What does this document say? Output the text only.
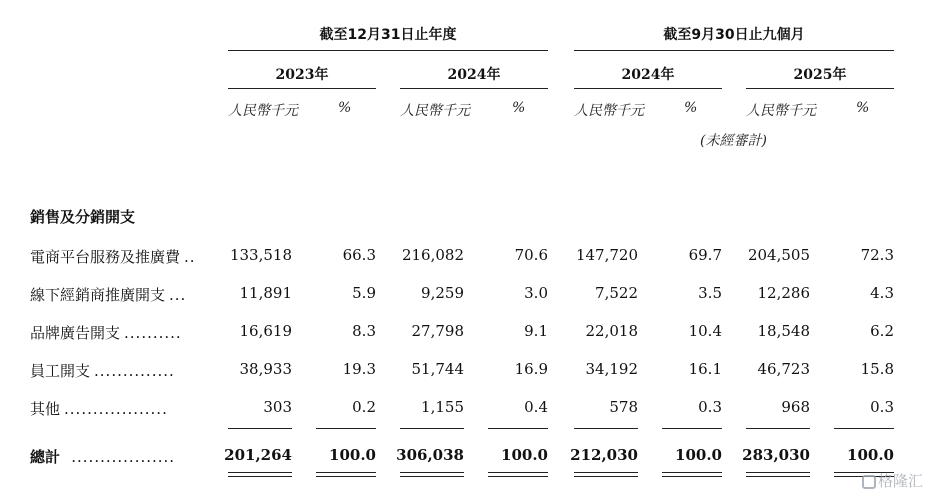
截至12月31日止年度	截至9月30日止九個月
2023年	2024年	2024年	2025年
人民幣千元	%	人民幣千元	%	人民幣千元	%	人民幣千元	%
(未經審計)
銷售及分銷開支
電商平台服務及推廣費 ..	133,518	66.3	216,082	70.6	147,720	69.7	204,505	72.3
線下經銷商推廣開支 ...	11,891	5.9	9,259	3.0	7,522	3.5	12,286	4.3
品牌廣告開支 ..........	16,619	8.3	27,798	9.1	22,018	10.4	18,548	6.2
員工開支 ..............	38,933	19.3	51,744	16.9	34,192	16.1	46,723	15.8
其他 ..................	303	0.2	1,155	0.4	578	0.3	968	0.3
總計 ..................	201,264	100.0	306,038	100.0	212,030	100.0	283,030	100.0
格隆汇
